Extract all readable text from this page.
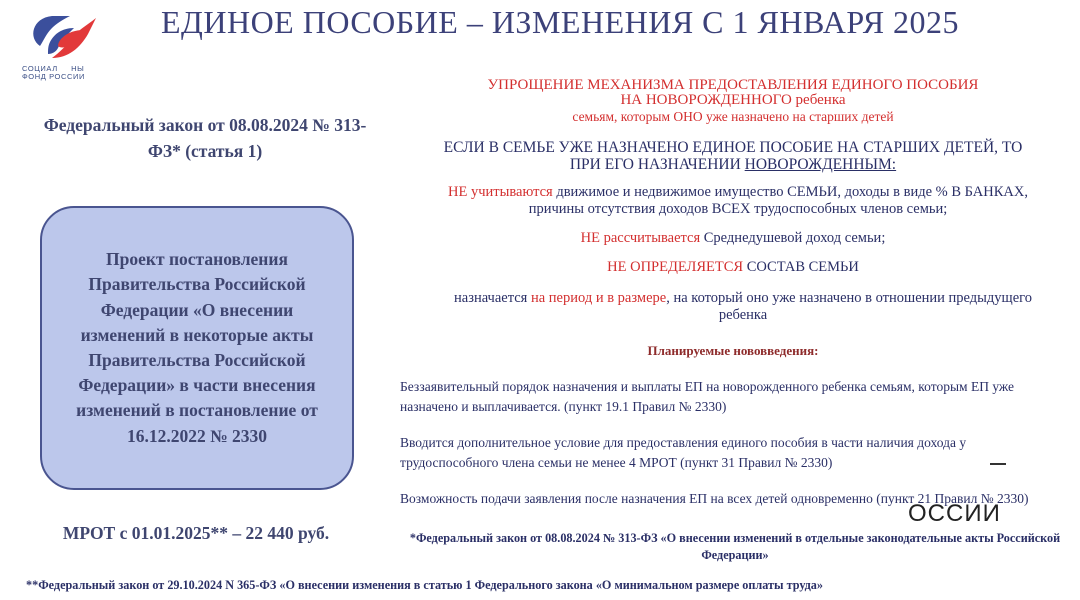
СОЦИАЛ     НЫ
ФОНД РОССИИ
ЕДИНОЕ ПОСОБИЕ – ИЗМЕНЕНИЯ С 1 ЯНВАРЯ 2025
Федеральный закон от 08.08.2024 № 313-ФЗ* (статья 1)
Проект постановления Правительства Российской Федерации «О внесении изменений в некоторые акты Правительства Российской Федерации» в части внесения изменений в постановление от 16.12.2022 № 2330
МРОТ с 01.01.2025** – 22 440 руб.
УПРОЩЕНИЕ МЕХАНИЗМА ПРЕДОСТАВЛЕНИЯ ЕДИНОГО ПОСОБИЯ
НА НОВОРОЖДЕННОГО ребенка
семьям, которым ОНО уже назначено на старших детей
ЕСЛИ В СЕМЬЕ УЖЕ НАЗНАЧЕНО ЕДИНОЕ ПОСОБИЕ НА СТАРШИХ ДЕТЕЙ, ТО
ПРИ ЕГО НАЗНАЧЕНИИ НОВОРОЖДЕННЫМ:
НЕ учитываются движимое и недвижимое имущество СЕМЬИ, доходы в виде % В БАНКАХ, причины отсутствия доходов ВСЕХ трудоспособных членов семьи;
НЕ рассчитывается Среднедушевой доход семьи;
НЕ ОПРЕДЕЛЯЕТСЯ СОСТАВ СЕМЬИ
назначается на период и в размере, на который оно уже назначено в отношении предыдущего ребенка
Планируемые нововведения:
Беззаявительный порядок назначения и выплаты ЕП на новорожденного ребенка семьям, которым ЕП уже назначено и выплачивается. (пункт 19.1 Правил № 2330)
Вводится дополнительное условие для предоставления единого пособия в части наличия дохода у трудоспособного члена семьи не менее 4 МРОТ (пункт 31 Правил № 2330)
Возможность подачи заявления после назначения ЕП на всех детей одновременно (пункт 21 Правил № 2330)
ОССИИ
*Федеральный закон от 08.08.2024 № 313-ФЗ «О внесении изменений в отдельные законодательные акты Российской Федерации»
**Федеральный закон от 29.10.2024 N 365-ФЗ «О внесении изменения в статью 1 Федерального закона «О минимальном размере оплаты труда»
